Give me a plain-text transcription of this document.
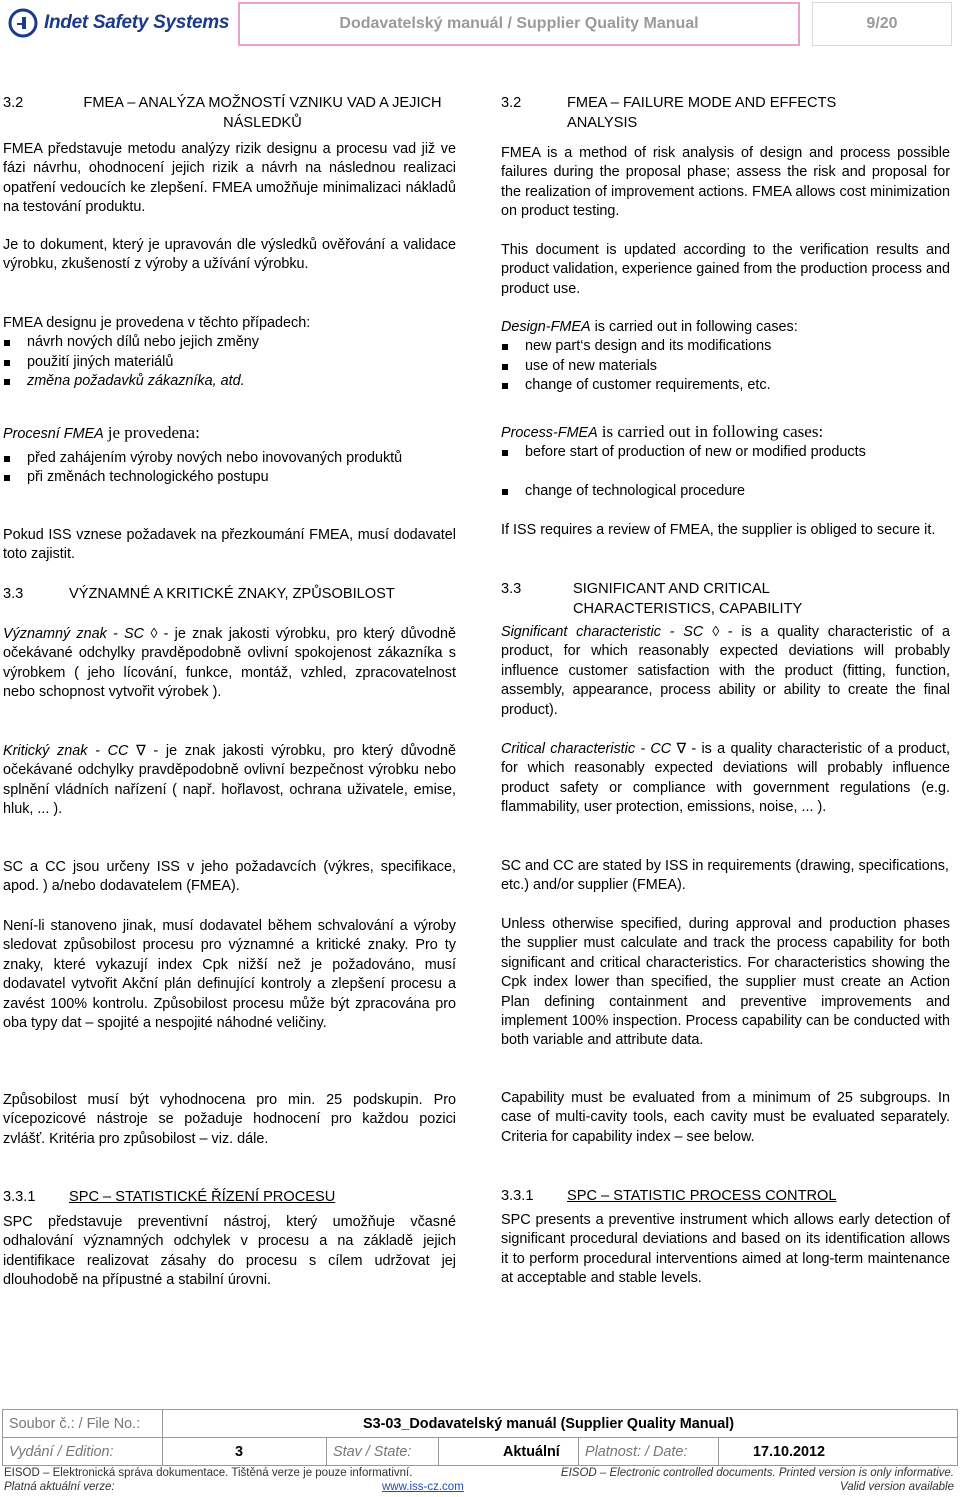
Indet Safety Systems	Dodavatelský manuál / Supplier Quality Manual	9/20
3.2	FMEA – ANALÝZA MOŽNOSTÍ VZNIKU VAD A JEJICH NÁSLEDKŮ

FMEA představuje metodu analýzy rizik designu a procesu vad již ve fázi návrhu, ohodnocení jejich rizik a návrh na následnou realizaci opatření vedoucích ke zlepšení. FMEA umožňuje minimalizaci nákladů na testování produktu.

Je to dokument, který je upravován dle výsledků ověřování a validace výrobku, zkušeností z výroby a užívání výrobku.

FMEA designu je provedena v těchto případech:

návrh nových dílů nebo jejich změny
použití jiných materiálů
změna požadavků zákazníka, atd.

Procesní FMEA je provedena:

před zahájením výroby nových nebo inovovaných produktů
při změnách technologického postupu

Pokud ISS vznese požadavek na přezkoumání FMEA, musí dodavatel toto zajistit.

3.3	VÝZNAMNÉ A KRITICKÉ ZNAKY, ZPŮSOBILOST

Významný znak - SC ◊ - je znak jakosti výrobku, pro který důvodně očekávané odchylky pravděpodobně ovlivní spokojenost zákazníka s výrobkem ( jeho lícování, funkce, montáž, vzhled, zpracovatelnost nebo schopnost vytvořit výrobek ).

Kritický znak - CC ∇ - je znak jakosti výrobku, pro který důvodně očekávané odchylky pravděpodobně ovlivní bezpečnost výrobku nebo splnění vládních nařízení ( např. hořlavost, ochrana uživatele, emise, hluk, ... ).

SC a CC jsou určeny ISS v jeho požadavcích (výkres, specifikace, apod. ) a/nebo dodavatelem (FMEA).

Není-li stanoveno jinak, musí dodavatel během schvalování a výroby sledovat způsobilost procesu pro významné a kritické znaky. Pro ty znaky, které vykazují index Cpk nižší než je požadováno, musí dodavatel vytvořit Akční plán definující kontroly a zlepšení procesu a zavést 100% kontrolu. Způsobilost procesu může být zpracována pro oba typy dat – spojité a nespojité náhodné veličiny.

Způsobilost musí být vyhodnocena pro min. 25 podskupin. Pro vícepozicové nástroje se požaduje hodnocení pro každou pozici zvlášť. Kritéria pro způsobilost – viz. dále.

3.3.1	SPC – STATISTICKÉ ŘÍZENÍ PROCESU

SPC představuje preventivní nástroj, který umožňuje včasné odhalování významných odchylek v procesu a na základě jejich identifikace realizovat zásahy do procesu s cílem udržovat jej dlouhodobě na přípustné a stabilní úrovni.

3.2	FMEA – FAILURE MODE AND EFFECTS ANALYSIS

FMEA is a method of risk analysis of design and process possible failures during the proposal phase; assess the risk and proposal for the realization of improvement actions. FMEA allows cost minimization on product testing.

This document is updated according to the verification results and product validation, experience gained from the production process and product use.

Design-FMEA is carried out in following cases:

new part‘s design and its modifications
use of new materials
change of customer requirements, etc.

Process-FMEA is carried out in following cases:

before start of production of new or modified products
change of technological procedure

If ISS requires a review of FMEA, the supplier is obliged to secure it.

3.3	SIGNIFICANT AND CRITICAL CHARACTERISTICS, CAPABILITY

Significant characteristic - SC ◊ - is a quality characteristic of a product, for which reasonably expected deviations will probably influence customer satisfaction with the product (fitting, function, assembly, appearance, process ability or ability to create the final product).

Critical characteristic - CC ∇ - is a quality characteristic of a product, for which reasonably expected deviations will probably influence product safety or compliance with government regulations (e.g. flammability, user protection, emissions, noise, ... ).

SC and CC are stated by ISS in requirements (drawing, specifications, etc.) and/or supplier (FMEA).

Unless otherwise specified, during approval and production phases the supplier must calculate and track the process capability for both significant and critical characteristics. For characteristics showing the Cpk index lower than specified, the supplier must create an Action Plan defining containment and preventive improvements and implement 100% inspection. Process capability can be conducted with both variable and attribute data.

Capability must be evaluated from a minimum of 25 subgroups. In case of multi-cavity tools, each cavity must be evaluated separately. Criteria for capability index – see below.

3.3.1	SPC – STATISTIC PROCESS CONTROL

SPC presents a preventive instrument which allows early detection of significant procedural deviations and based on its identification allows it to perform procedural interventions aimed at long-term maintenance at acceptable and stable levels.

Soubor č.: / File No.:	S3-03_Dodavatelský manuál (Supplier Quality Manual)				
Vydání / Edition:	3	Stav / State:	Aktuální	Platnost: / Date:	17.10.2012
EISOD – Elektronická správa dokumentace. Tištěná verze je pouze informativní.	EISOD – Electronic controlled documents. Printed version is only informative.
Platná aktuální verze:	www.iss-cz.com	Valid version available
